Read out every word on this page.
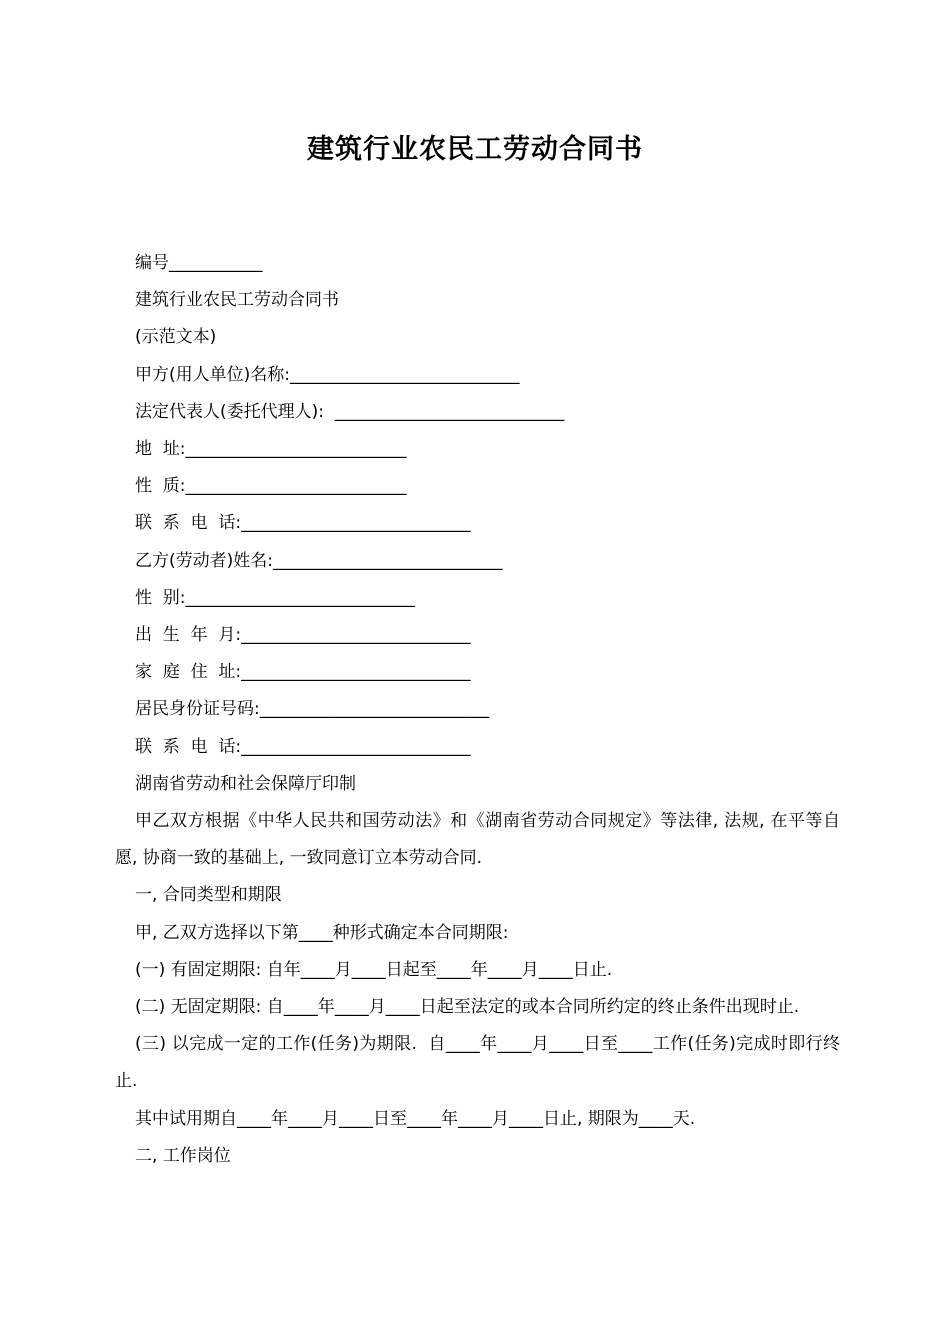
建筑行业农民工劳动合同书

编号___________

建筑行业农民工劳动合同书

(示范文本)

甲方(用人单位)名称:___________________________

法定代表人(委托代理人):  ___________________________

地  址:__________________________

性  质:__________________________

联  系  电  话:___________________________

乙方(劳动者)姓名:___________________________

性  别:___________________________

出  生  年  月:___________________________

家  庭  住  址:___________________________

居民身份证号码:___________________________

联  系  电  话:___________________________

湖南省劳动和社会保障厅印制

甲乙双方根据《中华人民共和国劳动法》和《湖南省劳动合同规定》等法律, 法规, 在平等自愿, 协商一致的基础上, 一致同意订立本劳动合同.

一, 合同类型和期限

甲, 乙双方选择以下第____种形式确定本合同期限:

(一) 有固定期限: 自年____月____日起至____年____月____日止.

(二) 无固定期限: 自____年____月____日起至法定的或本合同所约定的终止条件出现时止.

(三) 以完成一定的工作(任务)为期限.  自____年____月____日至____工作(任务)完成时即行终止.

其中试用期自____年____月____日至____年____月____日止, 期限为____天.

二, 工作岗位
